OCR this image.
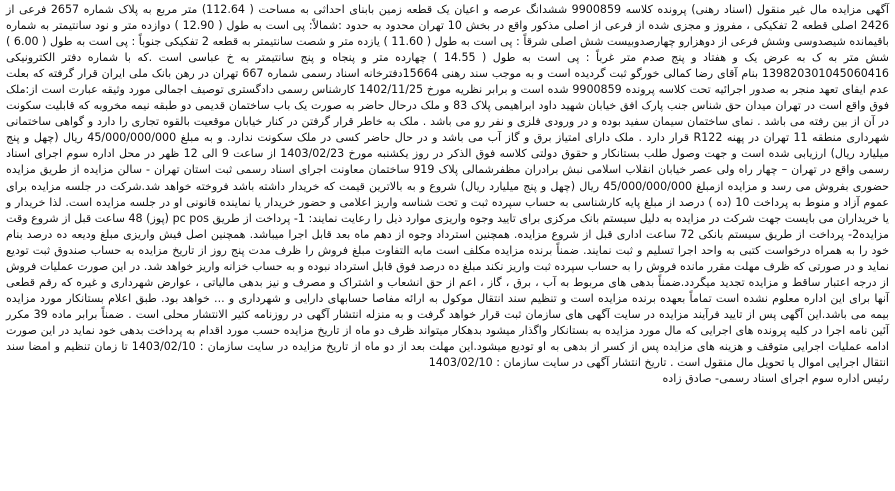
آگهی مزایده مال غیر منقول (اسناد رهنی) پرونده کلاسه 9900859 ششدانگ عرصه و اعیان یک قطعه زمین بابنای احداثی به مساحت ( 112.64) متر مربع به پلاک شماره 2657 فرعی از 2426 اصلی قطعه 2 تفکیکی ، مفروز و مجزی شده از فرعی از اصلی مذکور واقع در بخش 10 تهران محدود به حدود :شمالاً: پی است به طول ( 12.90 ) دوازده متر و نود سانتیمتر به شماره باقیمانده شیصدوسی وشش فرعی از دوهزارو چهارصدوبیست شش اصلی شرقاً : پی است به طول ( 11.60 ) یازده متر و شصت سانتیمتر به قطعه 2 تفکیکی جنوباً : پی است به طول ( 6.00 ) شش متر به ک به عرض یک و هفتاد و پنج صدم متر غرباً : پی است به طول ( 14.55 ) چهارده متر و پنجاه و پنج سانتیمتر به خ عباسی است .که با شماره دفتر الکترونیکی 139820301045060416 بنام آقای رضا کمالی خورگو ثبت گردیده است و به موجب سند رهنی 15664دفترخانه اسناد رسمی شماره 667 تهران در رهن بانک ملی ایران قرار گرفته که بعلت عدم ایفای تعهد منجر به صدور اجرائیه تحت کلاسه پرونده 9900859 شده است و برابر نظریه مورخ 1402/11/25 کارشناس رسمی دادگستری توصیف اجمالی مورد وثیقه عبارت است از:ملک فوق واقع است در تهران میدان حق شناس جنب پارک افق خیابان شهید داود ابراهیمی پلاک 83 و ملک درحال حاضر به صورت یک باب ساختمان قدیمی دو طبقه نیمه مخروبه که قابلیت سکونت در آن از بین رفته می باشد . نمای ساختمان سیمان سفید بوده و در ورودی فلزی و نفر رو می باشد . ملک به خاطر قرار گرفتن در کنار خیابان موقعیت بالقوه تجاری را دارد و گواهی ساختمانی شهرداری منطقه 11 تهران در پهنه R122 قرار دارد . ملک دارای امتیاز برق و گاز آب می باشد و در حال حاضر کسی در ملک سکونت ندارد. و به مبلغ 45/000/000/000 ریال (چهل و پنج میلیارد ریال) ارزیابی شده است و جهت وصول طلب بستانکار و حقوق دولتی کلاسه فوق الذکر در روز یکشنبه مورخ 1403/02/23 از ساعت 9 الی 12 ظهر در محل اداره سوم اجرای اسناد رسمی واقع در تهران – چهار راه ولی عصر خیابان انقلاب اسلامی نبش برادران مظفرشمالی پلاک 919 ساختمان معاونت اجرای اسناد رسمی ثبت استان تهران - سالن مزایده از طریق مزایده حضوری بفروش می رسد و مزایده ازمبلغ 45/000/000/000 ریال (چهل و پنج میلیارد ریال) شروع و به بالاترین قیمت که خریدار داشته باشد فروخته خواهد شد.شرکت در جلسه مزایده برای عموم آزاد و منوط به پرداخت 10 (ده ) درصد از مبلغ پایه کارشناسی به حساب سپرده ثبت و تحت شناسه واریز اعلامی و حضور خریدار یا نماینده قانونی او در جلسه مزایده است. لذا خریدار و یا خریداران می بایست جهت شرکت در مزایده به دلیل سیستم بانک مرکزی برای تایید وجوه واریزی موارد ذیل را رعایت نمایند: 1- پرداخت از طریق pc pos (پوز) 48 ساعت قبل از شروع وقت مزایده2- پرداخت از طریق سیستم بانکی 72 ساعت اداری قبل از شروع مزایده. همچنین استرداد وجوه از دهم ماه بعد قابل اجرا میباشد. همچنین اصل فیش واریزی مبلغ ودیعه ده درصد بنام خود را به همراه درخواست کتبی به واحد اجرا تسلیم و ثبت نمایند. ضمناً برنده مزایده مکلف است مابه التفاوت مبلغ فروش را ظرف مدت پنج روز از تاریخ مزایده به حساب صندوق ثبت تودیع نماید و در صورتی که ظرف مهلت مقرر مانده فروش را به حساب سپرده ثبت واریز نکند مبلغ ده درصد فوق قابل استرداد نبوده و به حساب خزانه واریز خواهد شد. در این صورت عملیات فروش از درجه اعتبار ساقط و مزایده تجدید میگردد.ضمناً بدهی های مربوط به آب ، برق ، گاز ، اعم از حق انشعاب و اشتراک و مصرف و نیز بدهی مالیاتی ، عوارض شهرداری و غیره که رقم قطعی آنها برای این اداره معلوم نشده است تماماً بعهده برنده مزایده است و تنظیم سند انتقال موکول به ارائه مفاصا حسابهای دارایی و شهرداری و ... خواهد بود. طبق اعلام بستانکار مورد مزایده بیمه می باشد.این آگهی پس از تایید فرآیند مزایده در سایت آگهی های سازمان ثبت قرار خواهد گرفت و به منزله انتشار آگهی در روزنامه کثیر الانتشار محلی است . ضمناً برابر ماده 39 مکرر آئین نامه اجرا در کلیه پرونده های اجرایی که مال مورد مزایده به بستانکار واگذار میشود بدهکار میتواند ظرف دو ماه از تاریخ مزایده حسب مورد اقدام به پرداخت بدهی خود نماید در این صورت ادامه عملیات اجرایی متوقف و هزینه های مزایده پس از کسر از بدهی به او تودیع میشود.این مهلت بعد از دو ماه از تاریخ مزایده در سایت سازمان : 1403/02/10 تا زمان تنظیم و امضا سند انتقال اجرایی اموال یا تحویل مال منقول است . تاریخ انتشار آگهی در سایت سازمان : 1403/02/10

رئیس اداره سوم اجرای اسناد رسمی- صادق زاده
